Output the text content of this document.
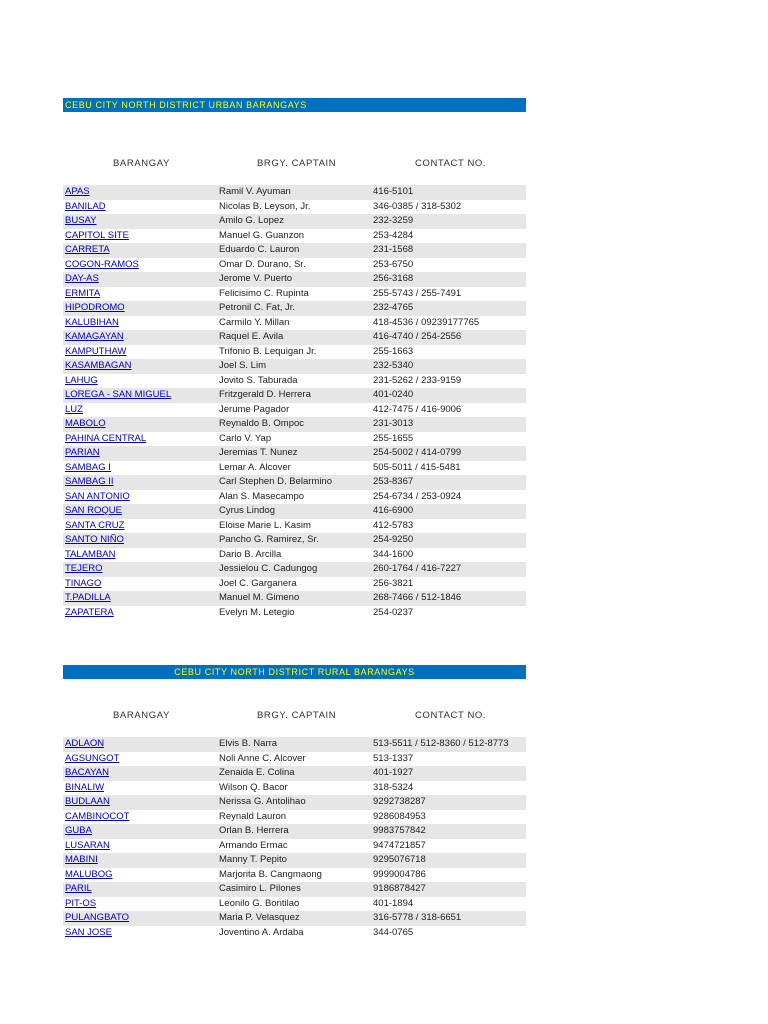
CEBU CITY NORTH DISTRICT URBAN BARANGAYS
BARANGAY	BRGY. CAPTAIN	CONTACT NO.
APAS	Ramil V. Ayuman	416-5101
BANILAD	Nicolas B. Leyson, Jr.	346-0385 / 318-5302
BUSAY	Amilo G. Lopez	232-3259
CAPITOL SITE	Manuel G. Guanzon	253-4284
CARRETA	Eduardo C. Lauron	231-1568
COGON-RAMOS	Omar D. Durano, Sr.	253-6750
DAY-AS	Jerome V. Puerto	256-3168
ERMITA	Felicisimo C. Rupinta	255-5743 / 255-7491
HIPODROMO	Petronil C. Fat, Jr.	232-4765
KALUBIHAN	Carmilo Y. Millan	418-4536 / 09239177765
KAMAGAYAN	Raquel E. Avila	416-4740 / 254-2556
KAMPUTHAW	Trifonio B. Lequigan Jr.	255-1663
KASAMBAGAN	Joel S. Lim	232-5340
LAHUG	Jovito S. Taburada	231-5262 / 233-9159
LOREGA - SAN MIGUEL	Fritzgerald D. Herrera	401-0240
LUZ	Jerume Pagador	412-7475 / 416-9006
MABOLO	Reynaldo B. Ompoc	231-3013
PAHINA CENTRAL	Carlo V. Yap	255-1655
PARIAN	Jeremias T. Nunez	254-5002 / 414-0799
SAMBAG I	Lemar A. Alcover	505-5011 / 415-5481
SAMBAG II	Carl Stephen D. Belarmino	253-8367
SAN ANTONIO	Alan S. Masecampo	254-6734 / 253-0924
SAN ROQUE	Cyrus Lindog	416-6900
SANTA CRUZ	Eloise Marie L. Kasim	412-5783
SANTO NIÑO	Pancho G. Ramirez, Sr.	254-9250
TALAMBAN	Dario B. Arcilla	344-1600
TEJERO	Jessielou C. Cadungog	260-1764 / 416-7227
TINAGO	Joel C. Garganera	256-3821
T.PADILLA	Manuel M. Gimeno	268-7466 / 512-1846
ZAPATERA	Evelyn M. Letegio	254-0237
CEBU CITY NORTH DISTRICT RURAL BARANGAYS
BARANGAY	BRGY. CAPTAIN	CONTACT NO.
ADLAON	Elvis B. Narra	513-5511 / 512-8360 / 512-8773
AGSUNGOT	Noli Anne C. Alcover	513-1337
BACAYAN	Zenaida E. Colina	401-1927
BINALIW	Wilson Q. Bacor	318-5324
BUDLAAN	Nerissa G. Antolihao	9292738287
CAMBINOCOT	Reynald Lauron	9286084953
GUBA	Orlan B. Herrera	9983757842
LUSARAN	Armando Ermac	9474721857
MABINI	Manny T. Pepito	9295076718
MALUBOG	Marjorita B. Cangmaong	9999004786
PARIL	Casimiro L. Pilones	9186878427
PIT-OS	Leonilo G. Bontilao	401-1894
PULANGBATO	Maria P. Velasquez	316-5778 / 318-6651
SAN JOSE	Joventino A. Ardaba	344-0765
